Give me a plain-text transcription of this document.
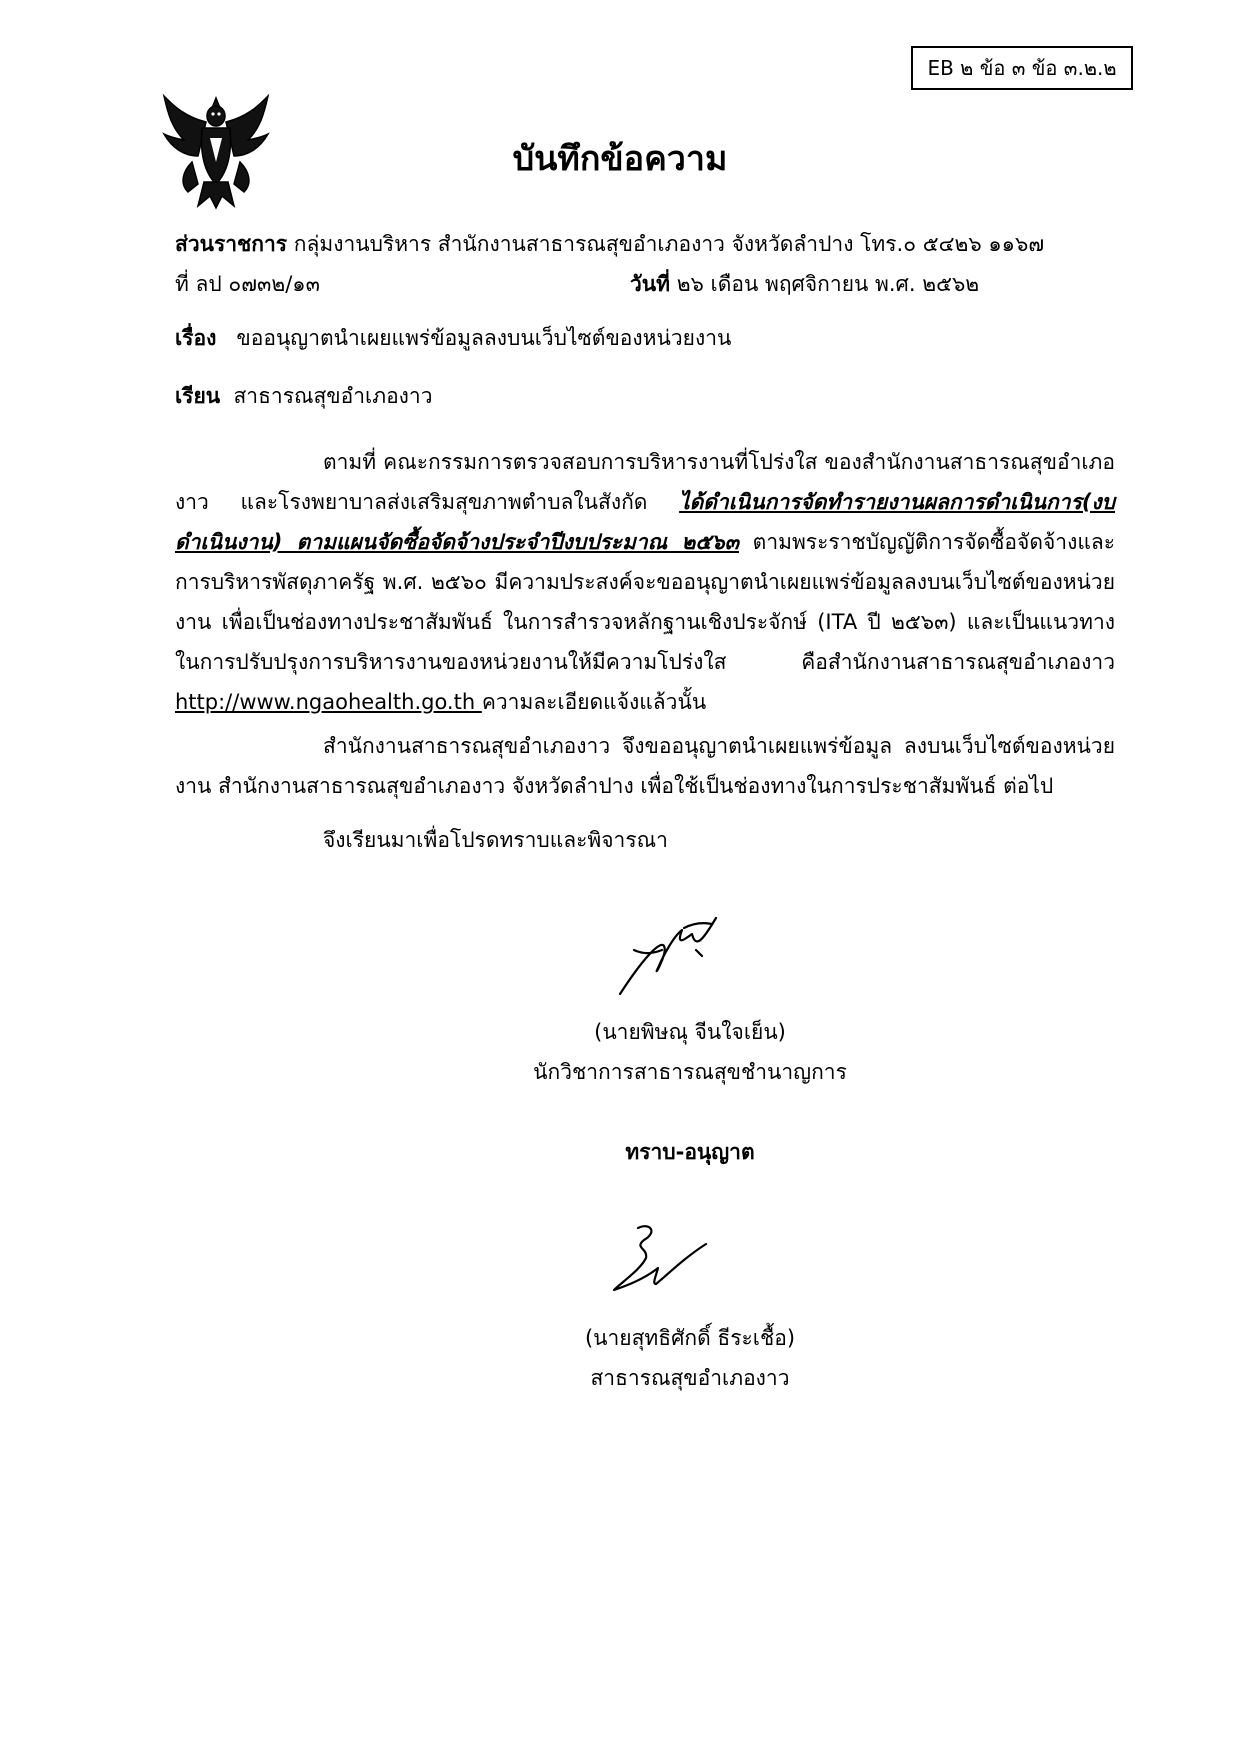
EB ๒ ข้อ ๓ ข้อ ๓.๒.๒
บันทึกข้อความ
ส่วนราชการ กลุ่มงานบริหาร สำนักงานสาธารณสุขอำเภองาว จังหวัดลำปาง โทร.๐ ๕๔๒๖ ๑๑๖๗
ที่ ลป ๐๗๓๒/๑๓	วันที่ ๒๖ เดือน พฤศจิกายน พ.ศ. ๒๕๖๒
เรื่อง ขออนุญาตนำเผยแพร่ข้อมูลลงบนเว็บไซต์ของหน่วยงาน
เรียน สาธารณสุขอำเภองาว
ตามที่ คณะกรรมการตรวจสอบการบริหารงานที่โปร่งใส ของสำนักงานสาธารณสุขอำเภองาว และโรงพยาบาลส่งเสริมสุขภาพตำบลในสังกัด ได้ดำเนินการจัดทำรายงานผลการดำเนินการ(งบดำเนินงาน) ตามแผนจัดซื้อจัดจ้างประจำปีงบประมาณ ๒๕๖๓ ตามพระราชบัญญัติการจัดซื้อจัดจ้างและการบริหารพัสดุภาครัฐ พ.ศ. ๒๕๖๐ มีความประสงค์จะขออนุญาตนำเผยแพร่ข้อมูลลงบนเว็บไซต์ของหน่วยงาน เพื่อเป็นช่องทางประชาสัมพันธ์ ในการสำรวจหลักฐานเชิงประจักษ์ (ITA ปี ๒๕๖๓) และเป็นแนวทางในการปรับปรุงการบริหารงานของหน่วยงานให้มีความโปร่งใส คือสำนักงานสาธารณสุขอำเภองาว http://www.ngaohealth.go.th ความละเอียดแจ้งแล้วนั้น
สำนักงานสาธารณสุขอำเภองาว จึงขออนุญาตนำเผยแพร่ข้อมูล ลงบนเว็บไซต์ของหน่วยงาน สำนักงานสาธารณสุขอำเภองาว จังหวัดลำปาง เพื่อใช้เป็นช่องทางในการประชาสัมพันธ์ ต่อไป
จึงเรียนมาเพื่อโปรดทราบและพิจารณา
(นายพิษณุ จีนใจเย็น)
นักวิชาการสาธารณสุขชำนาญการ
ทราบ-อนุญาต
(นายสุทธิศักดิ์ ธีระเชื้อ)
สาธารณสุขอำเภองาว
